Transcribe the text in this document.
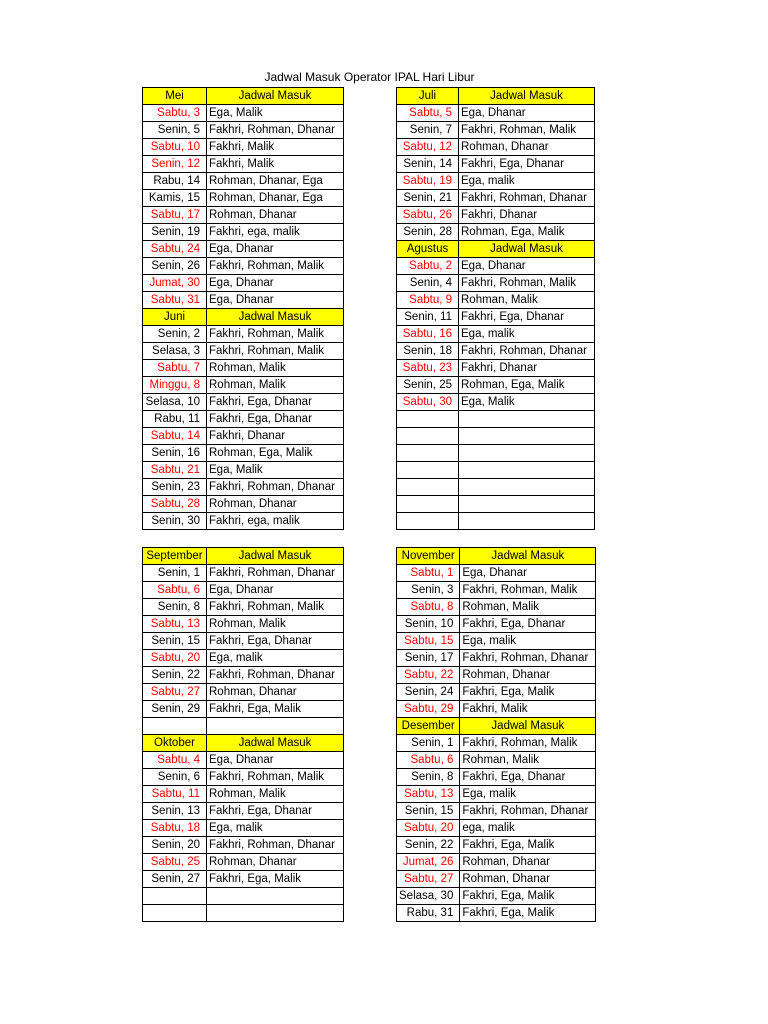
Jadwal Masuk Operator IPAL Hari Libur
Mei	Jadwal Masuk
Sabtu, 3	Ega, Malik
Senin, 5	Fakhri, Rohman, Dhanar
Sabtu, 10	Fakhri, Malik
Senin, 12	Fakhri, Malik
Rabu, 14	Rohman, Dhanar, Ega
Kamis, 15	Rohman, Dhanar, Ega
Sabtu, 17	Rohman, Dhanar
Senin, 19	Fakhri, ega, malik
Sabtu, 24	Ega, Dhanar
Senin, 26	Fakhri, Rohman, Malik
Jumat, 30	Ega, Dhanar
Sabtu, 31	Ega, Dhanar
Juni	Jadwal Masuk
Senin, 2	Fakhri, Rohman, Malik
Selasa, 3	Fakhri, Rohman, Malik
Sabtu, 7	Rohman, Malik
Minggu, 8	Rohman, Malik
Selasa, 10	Fakhri, Ega, Dhanar
Rabu, 11	Fakhri, Ega, Dhanar
Sabtu, 14	Fakhri, Dhanar
Senin, 16	Rohman, Ega, Malik
Sabtu, 21	Ega, Malik
Senin, 23	Fakhri, Rohman, Dhanar
Sabtu, 28	Rohman, Dhanar
Senin, 30	Fakhri, ega, malik
Juli	Jadwal Masuk
Sabtu, 5	Ega, Dhanar
Senin, 7	Fakhri, Rohman, Malik
Sabtu, 12	Rohman, Dhanar
Senin, 14	Fakhri, Ega, Dhanar
Sabtu, 19	Ega, malik
Senin, 21	Fakhri, Rohman, Dhanar
Sabtu, 26	Fakhri, Dhanar
Senin, 28	Rohman, Ega, Malik
Agustus	Jadwal Masuk
Sabtu, 2	Ega, Dhanar
Senin, 4	Fakhri, Rohman, Malik
Sabtu, 9	Rohman, Malik
Senin, 11	Fakhri, Ega, Dhanar
Sabtu, 16	Ega, malik
Senin, 18	Fakhri, Rohman, Dhanar
Sabtu, 23	Fakhri, Dhanar
Senin, 25	Rohman, Ega, Malik
Sabtu, 30	Ega, Malik

September	Jadwal Masuk
Senin, 1	Fakhri, Rohman, Dhanar
Sabtu, 6	Ega, Dhanar
Senin, 8	Fakhri, Rohman, Malik
Sabtu, 13	Rohman, Malik
Senin, 15	Fakhri, Ega, Dhanar
Sabtu, 20	Ega, malik
Senin, 22	Fakhri, Rohman, Dhanar
Sabtu, 27	Rohman, Dhanar
Senin, 29	Fakhri, Ega, Malik

Oktober	Jadwal Masuk
Sabtu, 4	Ega, Dhanar
Senin, 6	Fakhri, Rohman, Malik
Sabtu, 11	Rohman, Malik
Senin, 13	Fakhri, Ega, Dhanar
Sabtu, 18	Ega, malik
Senin, 20	Fakhri, Rohman, Dhanar
Sabtu, 25	Rohman, Dhanar
Senin, 27	Fakhri, Ega, Malik

November	Jadwal Masuk
Sabtu, 1	Ega, Dhanar
Senin, 3	Fakhri, Rohman, Malik
Sabtu, 8	Rohman, Malik
Senin, 10	Fakhri, Ega, Dhanar
Sabtu, 15	Ega, malik
Senin, 17	Fakhri, Rohman, Dhanar
Sabtu, 22	Rohman, Dhanar
Senin, 24	Fakhri, Ega, Malik
Sabtu, 29	Fakhri, Malik
Desember	Jadwal Masuk
Senin, 1	Fakhri, Rohman, Malik
Sabtu, 6	Rohman, Malik
Senin, 8	Fakhri, Ega, Dhanar
Sabtu, 13	Ega, malik
Senin, 15	Fakhri, Rohman, Dhanar
Sabtu, 20	ega, malik
Senin, 22	Fakhri, Ega, Malik
Jumat, 26	Rohman, Dhanar
Sabtu, 27	Rohman, Dhanar
Selasa, 30	Fakhri, Ega, Malik
Rabu, 31	Fakhri, Ega, Malik
